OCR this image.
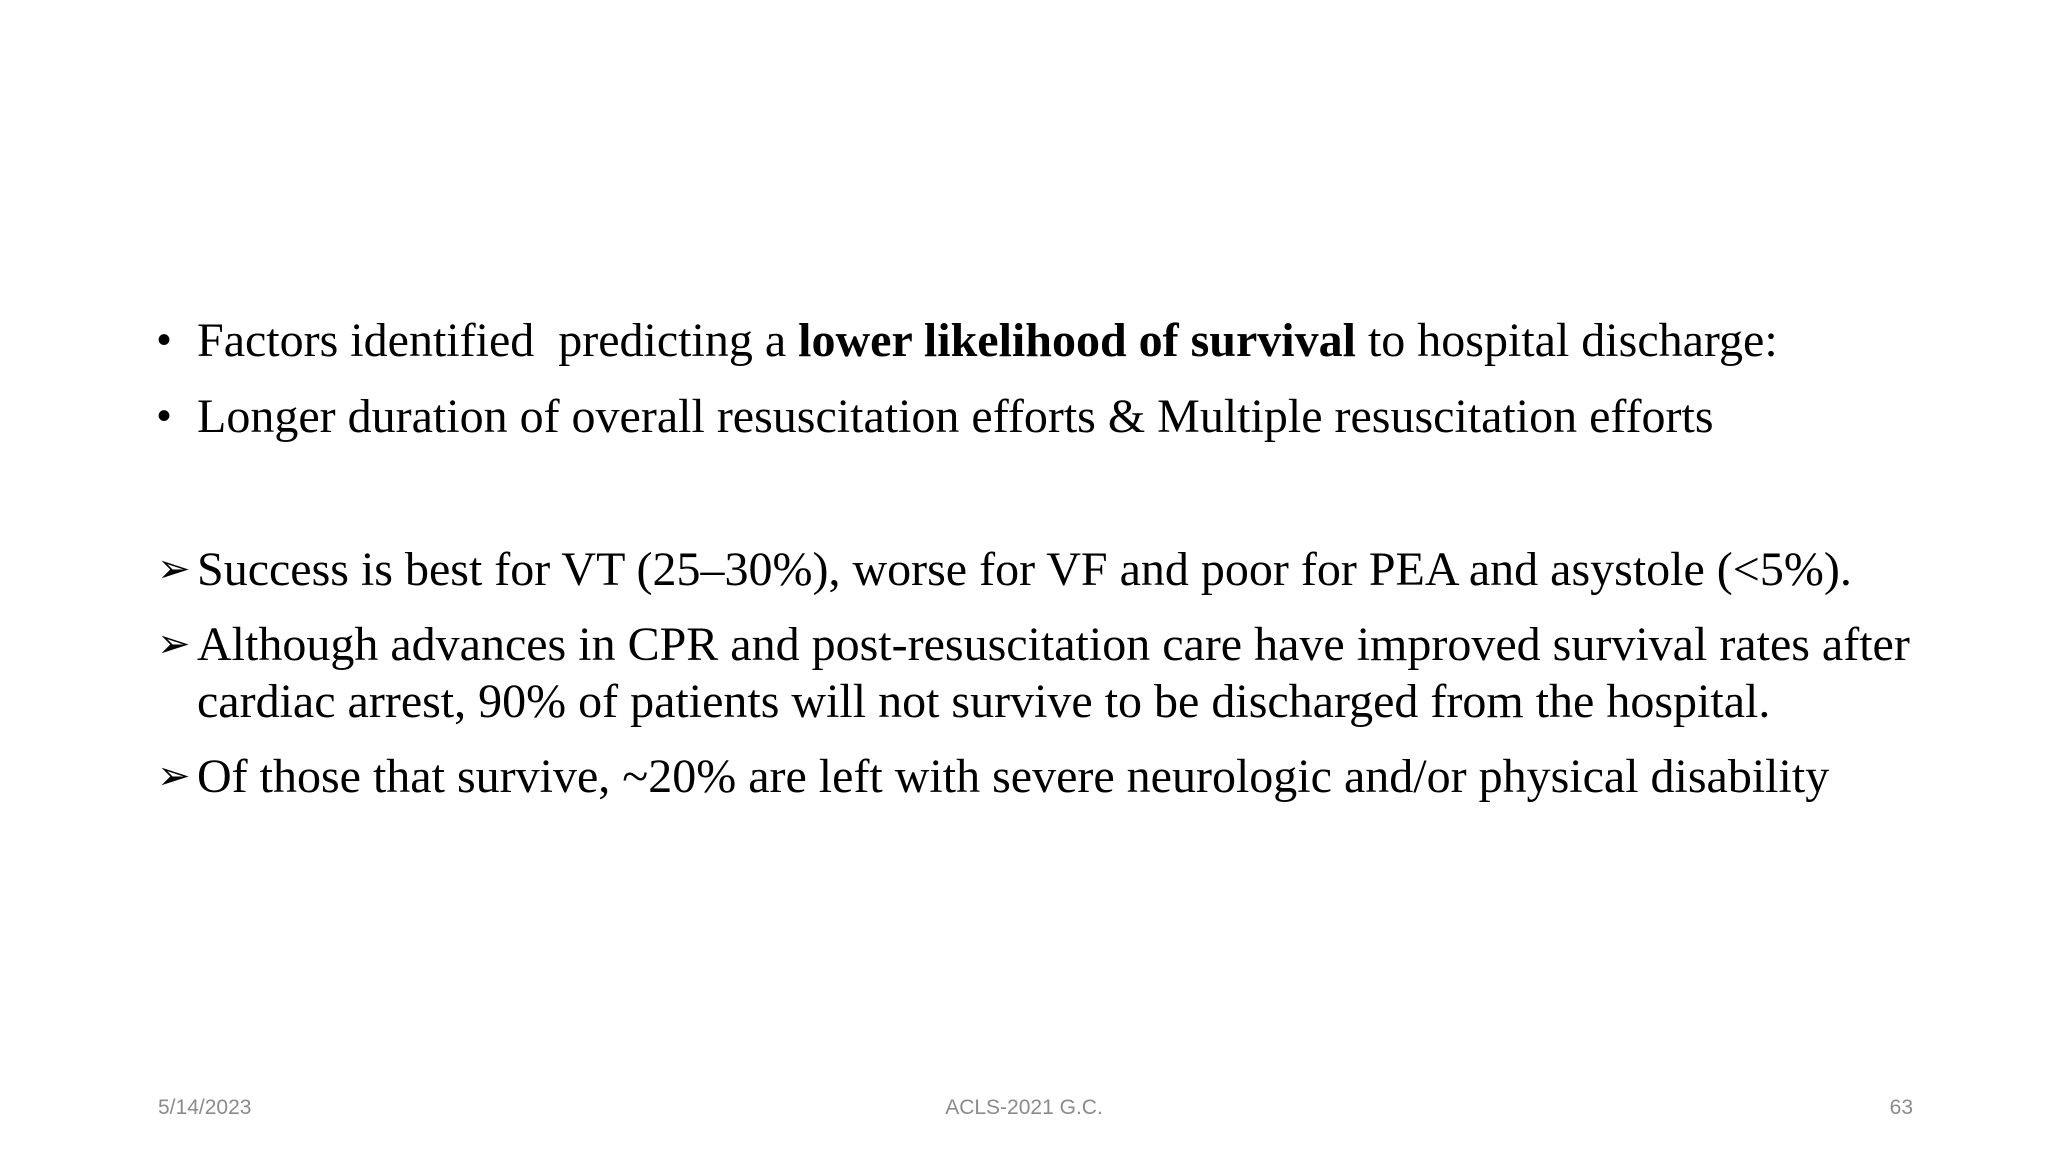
• Factors identified  predicting a lower likelihood of survival to hospital discharge:
• Longer duration of overall resuscitation efforts & Multiple resuscitation efforts
➢ Success is best for VT (25–30%), worse for VF and poor for PEA and asystole (<5%).
➢ Although advances in CPR and post-resuscitation care have improved survival rates after cardiac arrest, 90% of patients will not survive to be discharged from the hospital.
➢ Of those that survive, ~20% are left with severe neurologic and/or physical disability
5/14/2023	ACLS-2021 G.C.	63
